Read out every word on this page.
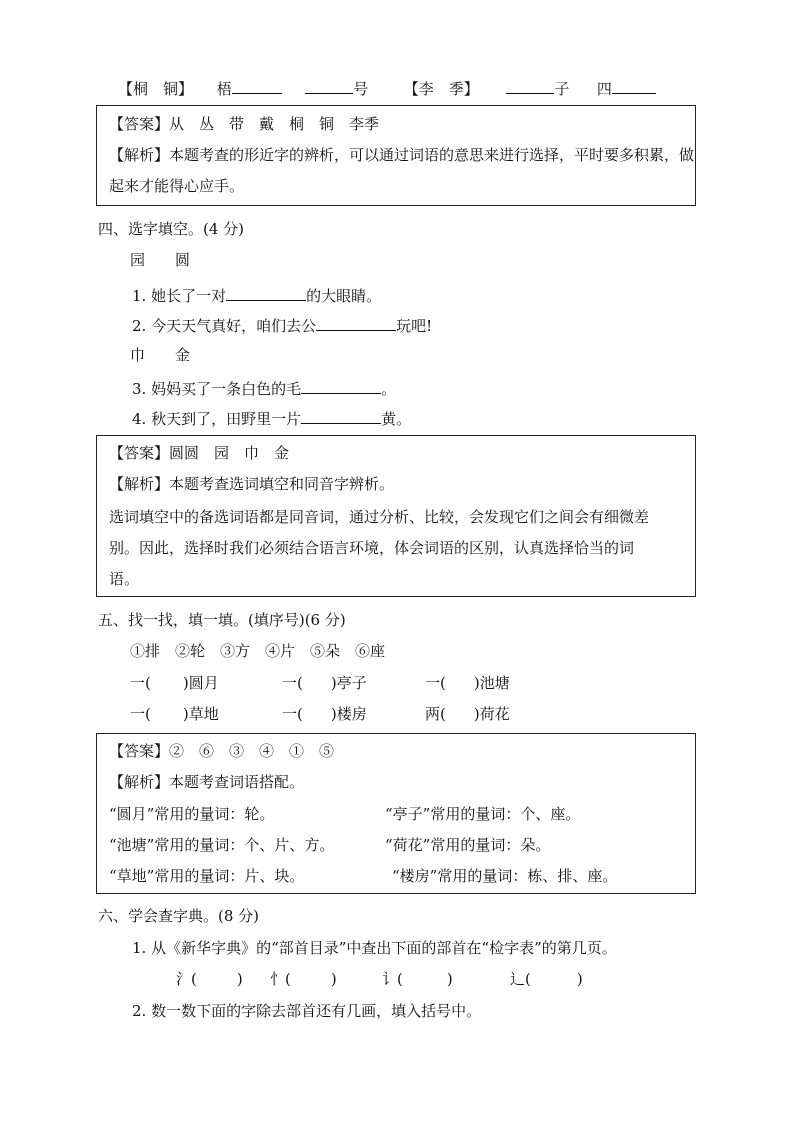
【桐　铜】 梧	号 【李　季】	子 四
【答案】从　丛　带　戴　桐　铜　李季
【解析】本题考查的形近字的辨析，可以通过词语的意思来进行选择，平时要多积累，做
起来才能得心应手。
四、选字填空。(4 分)
园　　圆
1. 她长了一对	的大眼睛。
2. 今天天气真好，咱们去公	玩吧!
巾　　金
3. 妈妈买了一条白色的毛	。
4. 秋天到了，田野里一片	黄。
【答案】圆圆　园　巾　金
【解析】本题考查选词填空和同音字辨析。
选词填空中的备选词语都是同音词，通过分析、比较，会发现它们之间会有细微差
别。因此，选择时我们必须结合语言环境，体会词语的区别，认真选择恰当的词
语。
五、找一找，填一填。(填序号)(6 分)
①排　②轮　③方　④片　⑤朵　⑥座
一( )圆月	一( )亭子	一( )池塘
一( )草地	一( )楼房	两( )荷花
【答案】②　⑥　③　④　①　⑤
【解析】本题考查词语搭配。
“圆月”常用的量词：轮。	“亭子”常用的量词：个、座。
“池塘”常用的量词：个、片、方。	“荷花”常用的量词：朵。
“草地”常用的量词：片、块。	“楼房”常用的量词：栋、排、座。
六、学会查字典。(8 分)
1. 从《新华字典》的“部首目录”中查出下面的部首在“检字表”的第几页。
氵(	) 忄(	)	讠(	)	辶(	)
2. 数一数下面的字除去部首还有几画，填入括号中。
